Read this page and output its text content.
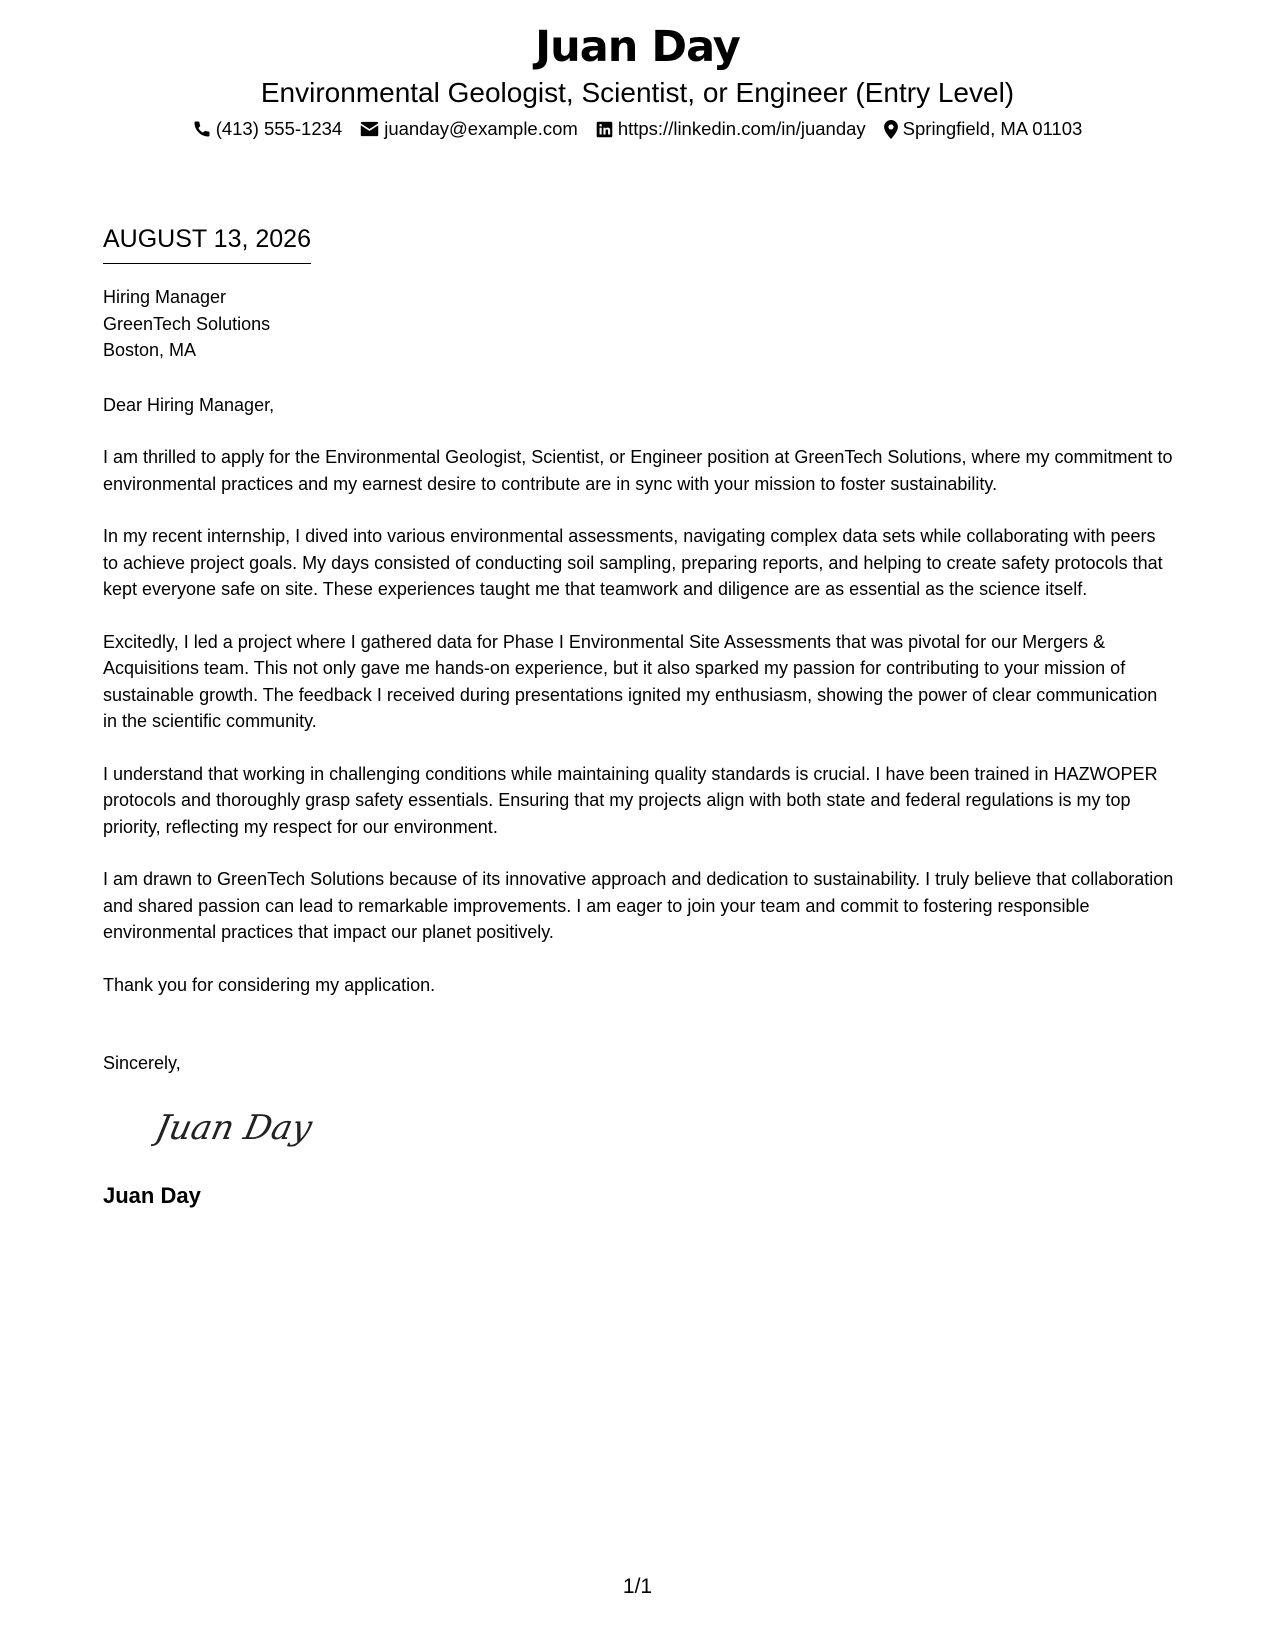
Juan Day
Environmental Geologist, Scientist, or Engineer (Entry Level)
(413) 555-1234 juanday@example.com https://linkedin.com/in/juanday Springfield, MA 01103
AUGUST 13, 2026
Hiring Manager
GreenTech Solutions
Boston, MA
Dear Hiring Manager,

I am thrilled to apply for the Environmental Geologist, Scientist, or Engineer position at GreenTech Solutions, where my commitment to environmental practices and my earnest desire to contribute are in sync with your mission to foster sustainability.

In my recent internship, I dived into various environmental assessments, navigating complex data sets while collaborating with peers to achieve project goals. My days consisted of conducting soil sampling, preparing reports, and helping to create safety protocols that kept everyone safe on site. These experiences taught me that teamwork and diligence are as essential as the science itself.

Excitedly, I led a project where I gathered data for Phase I Environmental Site Assessments that was pivotal for our Mergers & Acquisitions team. This not only gave me hands-on experience, but it also sparked my passion for contributing to your mission of sustainable growth. The feedback I received during presentations ignited my enthusiasm, showing the power of clear communication in the scientific community.

I understand that working in challenging conditions while maintaining quality standards is crucial. I have been trained in HAZWOPER protocols and thoroughly grasp safety essentials. Ensuring that my projects align with both state and federal regulations is my top priority, reflecting my respect for our environment.

I am drawn to GreenTech Solutions because of its innovative approach and dedication to sustainability. I truly believe that collaboration and shared passion can lead to remarkable improvements. I am eager to join your team and commit to fostering responsible environmental practices that impact our planet positively.

Thank you for considering my application.
Sincerely,
Juan Day
Juan Day
1/1
